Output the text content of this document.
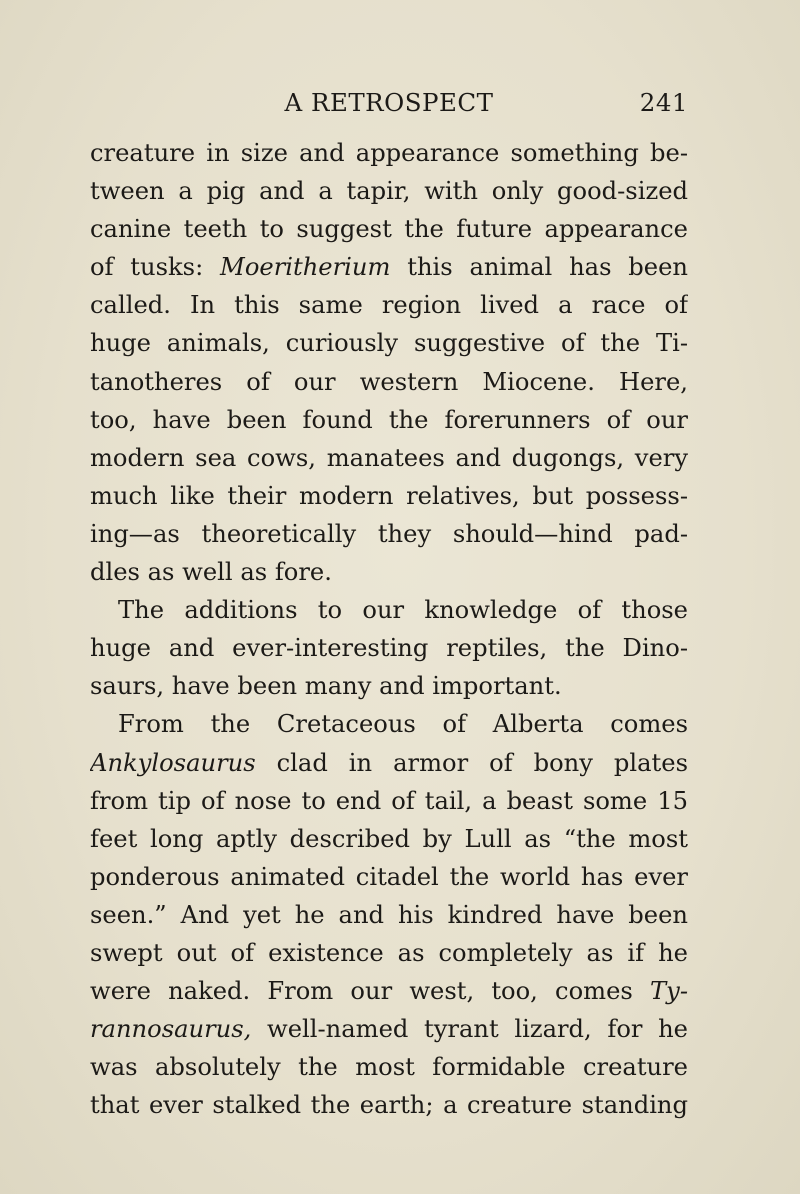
A RETROSPECT	241
creature in size and appearance something be-
tween a pig and a tapir, with only good-sized
canine teeth to suggest the future appearance
of tusks: Moeritherium this animal has been
called. In this same region lived a race of
huge animals, curiously suggestive of the Ti-
tanotheres of our western Miocene. Here,
too, have been found the forerunners of our
modern sea cows, manatees and dugongs, very
much like their modern relatives, but possess-
ing—as theoretically they should—hind pad-
dles as well as fore.
The additions to our knowledge of those
huge and ever-interesting reptiles, the Dino-
saurs, have been many and important.
From the Cretaceous of Alberta comes
Ankylosaurus clad in armor of bony plates
from tip of nose to end of tail, a beast some 15
feet long aptly described by Lull as “the most
ponderous animated citadel the world has ever
seen.” And yet he and his kindred have been
swept out of existence as completely as if he
were naked. From our west, too, comes Ty-
rannosaurus, well-named tyrant lizard, for he
was absolutely the most formidable creature
that ever stalked the earth; a creature standing
